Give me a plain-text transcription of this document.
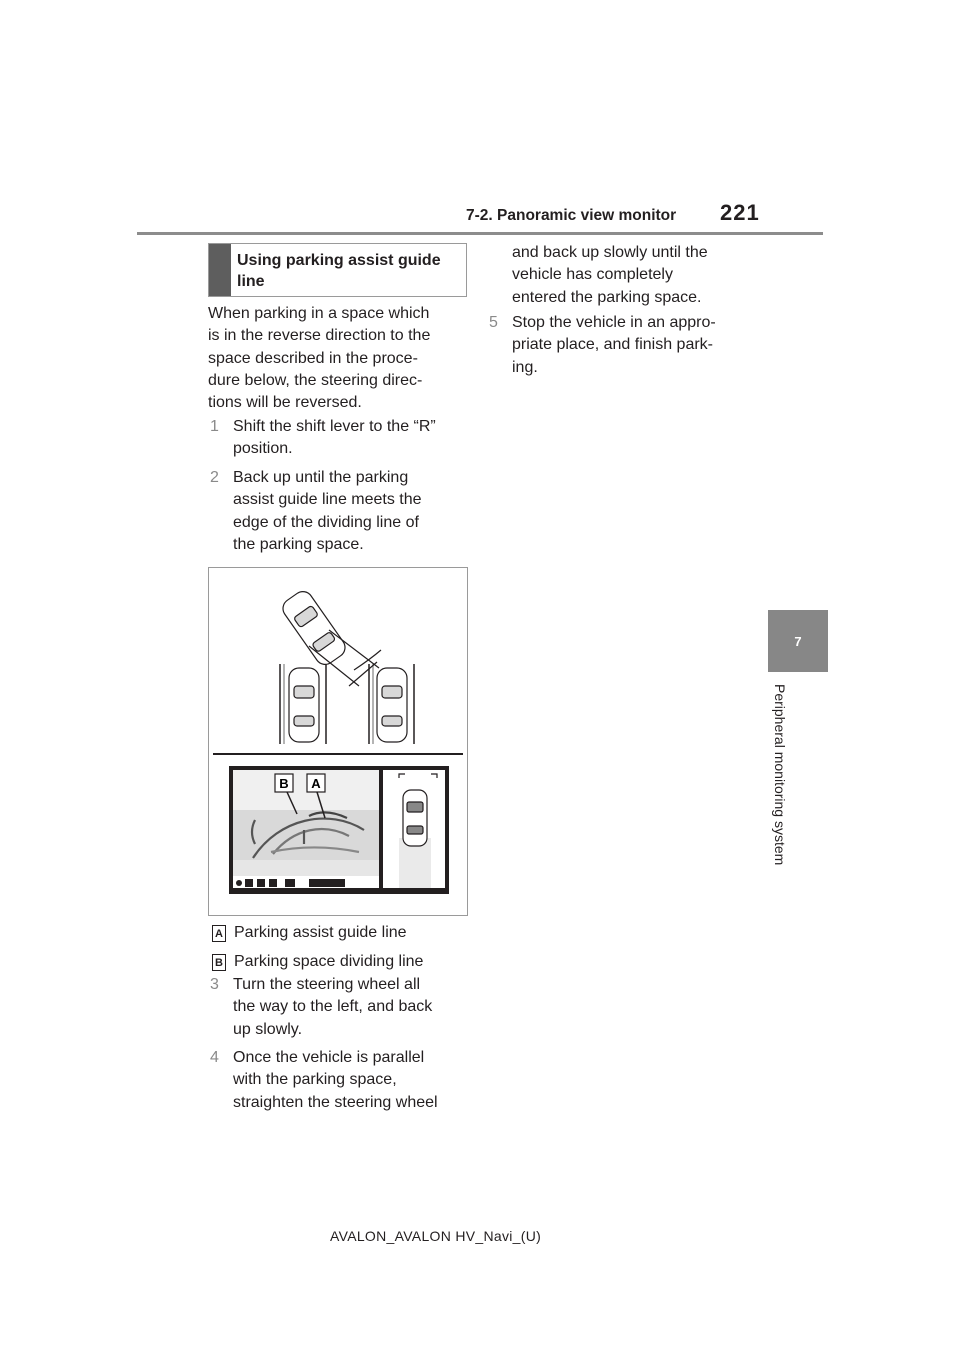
7-2. Panoramic view monitor 221
7
Peripheral monitoring system
Using parking assist guide
line
When parking in a space which
is in the reverse direction to the
space described in the proce-
dure below, the steering direc-
tions will be reversed.
1 Shift the shift lever to the “R”
position.
2 Back up until the parking
assist guide line meets the
edge of the dividing line of
the parking space.
B A
A Parking assist guide line
B Parking space dividing line
3 Turn the steering wheel all
the way to the left, and back
up slowly.
4 Once the vehicle is parallel
with the parking space,
straighten the steering wheel
and back up slowly until the
vehicle has completely
entered the parking space.
5 Stop the vehicle in an appro-
priate place, and finish park-
ing.
AVALON_AVALON HV_Navi_(U)
